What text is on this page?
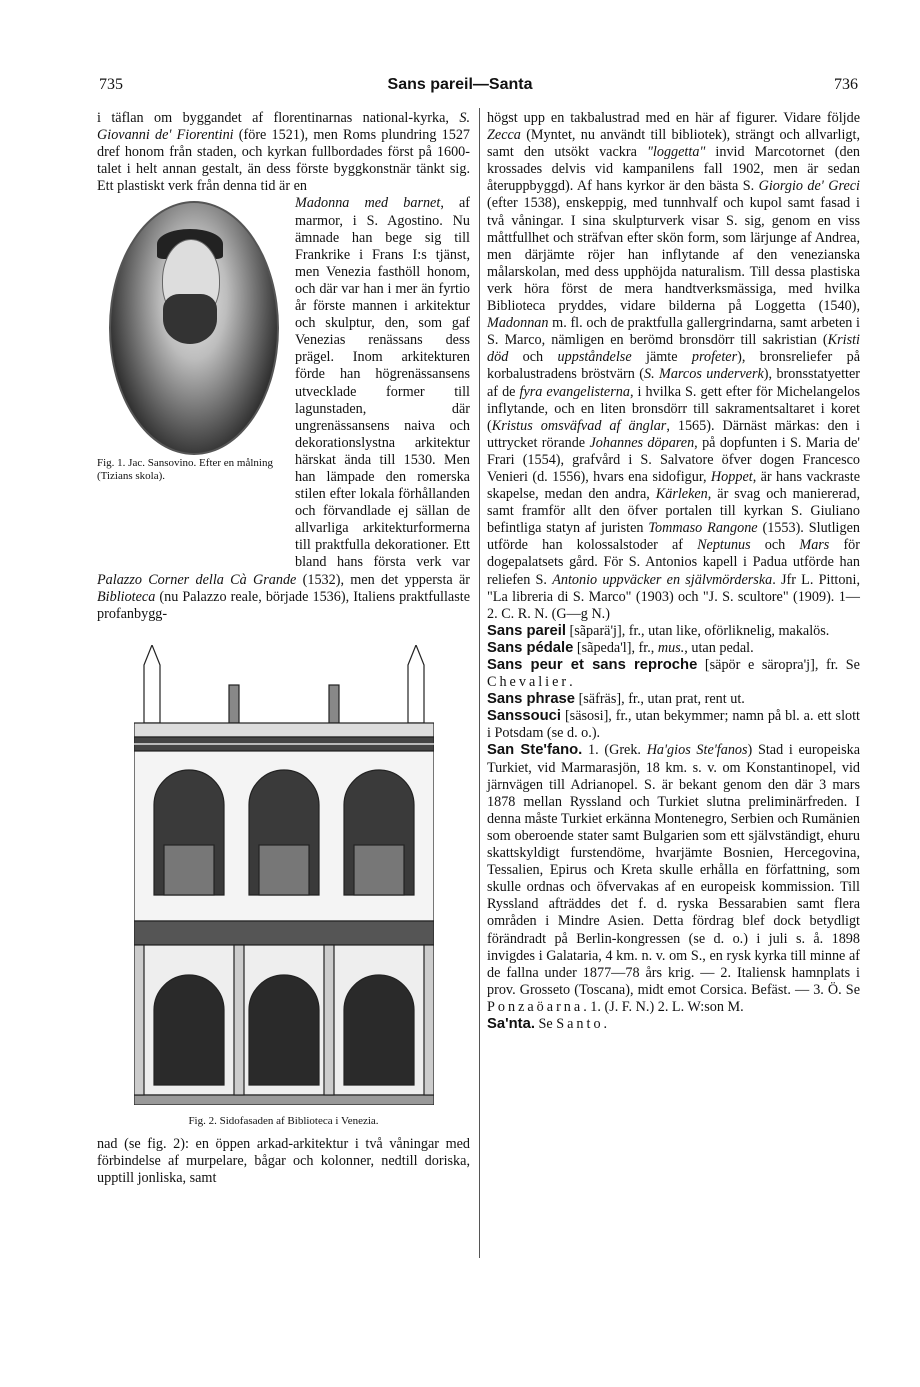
735	Sans pareil—Santa	736

i täflan om byggandet af florentinarnas national-kyrka, S. Giovanni de' Fiorentini (före 1521), men Roms plundring 1527 dref honom från staden, och kyrkan fullbordades först på 1600-talet i helt annan gestalt, än dess förste byggkonstnär tänkt sig. Ett plastiskt verk från denna tid är en

Fig. 1. Jac. Sansovino. Efter en målning (Tizians skola).

Madonna med barnet, af marmor, i S. Agostino. Nu ämnade han bege sig till Frankrike i Frans I:s tjänst, men Venezia fasthöll honom, och där var han i mer än fyrtio år förste mannen i arkitektur och skulptur, den, som gaf Venezias renässans dess prägel. Inom arkitekturen förde han högrenässansens utvecklade former till lagunstaden, där ungrenässansens naiva och dekorationslystna arkitektur härskat ända till 1530. Men han lämpade den romerska stilen efter lokala förhållanden och förvandlade ej sällan de allvarliga arkitekturformerna till praktfulla dekorationer. Ett bland hans första verk var Palazzo Corner della Cà Grande (1532), men det yppersta är Biblioteca (nu Palazzo reale, började 1536), Italiens praktfullaste profanbygg-

Fig. 2. Sidofasaden af Biblioteca i Venezia.

nad (se fig. 2): en öppen arkad-arkitektur i två våningar med förbindelse af murpelare, bågar och kolonner, nedtill doriska, upptill jonliska, samt

högst upp en takbalustrad med en här af figurer. Vidare följde Zecca (Myntet, nu användt till bibliotek), strängt och allvarligt, samt den utsökt vackra "loggetta" invid Marcotornet (den krossades delvis vid kampanilens fall 1902, men är sedan återuppbyggd). Af hans kyrkor är den bästa S. Giorgio de' Greci (efter 1538), enskeppig, med tunnhvalf och kupol samt fasad i två våningar. I sina skulpturverk visar S. sig, genom en viss måttfullhet och sträfvan efter skön form, som lärjunge af Andrea, men därjämte röjer han inflytande af den venezianska målarskolan, med dess upphöjda naturalism. Till dessa plastiska verk höra först de mera handtverksmässiga, med hvilka Biblioteca pryddes, vidare bilderna på Loggetta (1540), Madonnan m. fl. och de praktfulla gallergrindarna, samt arbeten i S. Marco, nämligen en berömd bronsdörr till sakristian (Kristi död och uppståndelse jämte profeter), bronsreliefer på korbalustradens bröstvärn (S. Marcos underverk), bronsstatyetter af de fyra evangelisterna, i hvilka S. gett efter för Michelangelos inflytande, och en liten bronsdörr till sakramentsaltaret i koret (Kristus omsväfvad af änglar, 1565). Därnäst märkas: den i uttrycket rörande Johannes döparen, på dopfunten i S. Maria de' Frari (1554), grafvård i S. Salvatore öfver dogen Francesco Venieri (d. 1556), hvars ena sidofigur, Hoppet, är hans vackraste skapelse, medan den andra, Kärleken, är svag och maniererad, samt framför allt den öfver portalen till kyrkan S. Giuliano befintliga statyn af juristen Tommaso Rangone (1553). Slutligen utförde han kolossalstoder af Neptunus och Mars för dogepalatsets gård. För S. Antonios kapell i Padua utförde han reliefen S. Antonio uppväcker en självmörderska. Jfr L. Pittoni, "La libreria di S. Marco" (1903) och "J. S. scultore" (1909). 1—2. C. R. N. (G—g N.)

Sans pareil [sãparä'j], fr., utan like, oförliknelig, makalös.

Sans pédale [sãpeda'l], fr., mus., utan pedal.

Sans peur et sans reproche [säpör e säropra'j], fr. Se Chevalier.

Sans phrase [säfräs], fr., utan prat, rent ut.

Sanssouci [säsosi], fr., utan bekymmer; namn på bl. a. ett slott i Potsdam (se d. o.).

San Ste'fano. 1. (Grek. Ha'gios Ste'fanos) Stad i europeiska Turkiet, vid Marmarasjön, 18 km. s. v. om Konstantinopel, vid järnvägen till Adrianopel. S. är bekant genom den där 3 mars 1878 mellan Ryssland och Turkiet slutna preliminärfreden. I denna måste Turkiet erkänna Montenegro, Serbien och Rumänien som oberoende stater samt Bulgarien som ett självständigt, ehuru skattskyldigt furstendöme, hvarjämte Bosnien, Hercegovina, Tessalien, Epirus och Kreta skulle erhålla en författning, som skulle ordnas och öfvervakas af en europeisk kommission. Till Ryssland afträddes det f. d. ryska Bessarabien samt flera områden i Mindre Asien. Detta fördrag blef dock betydligt förändradt på Berlin-kongressen (se d. o.) i juli s. å. 1898 invigdes i Galataria, 4 km. n. v. om S., en rysk kyrka till minne af de fallna under 1877—78 års krig. — 2. Italiensk hamnplats i prov. Grosseto (Toscana), midt emot Corsica. Befäst. — 3. Ö. Se Ponzaöarna. 1. (J. F. N.) 2. L. W:son M.

Sa'nta. Se Santo.
